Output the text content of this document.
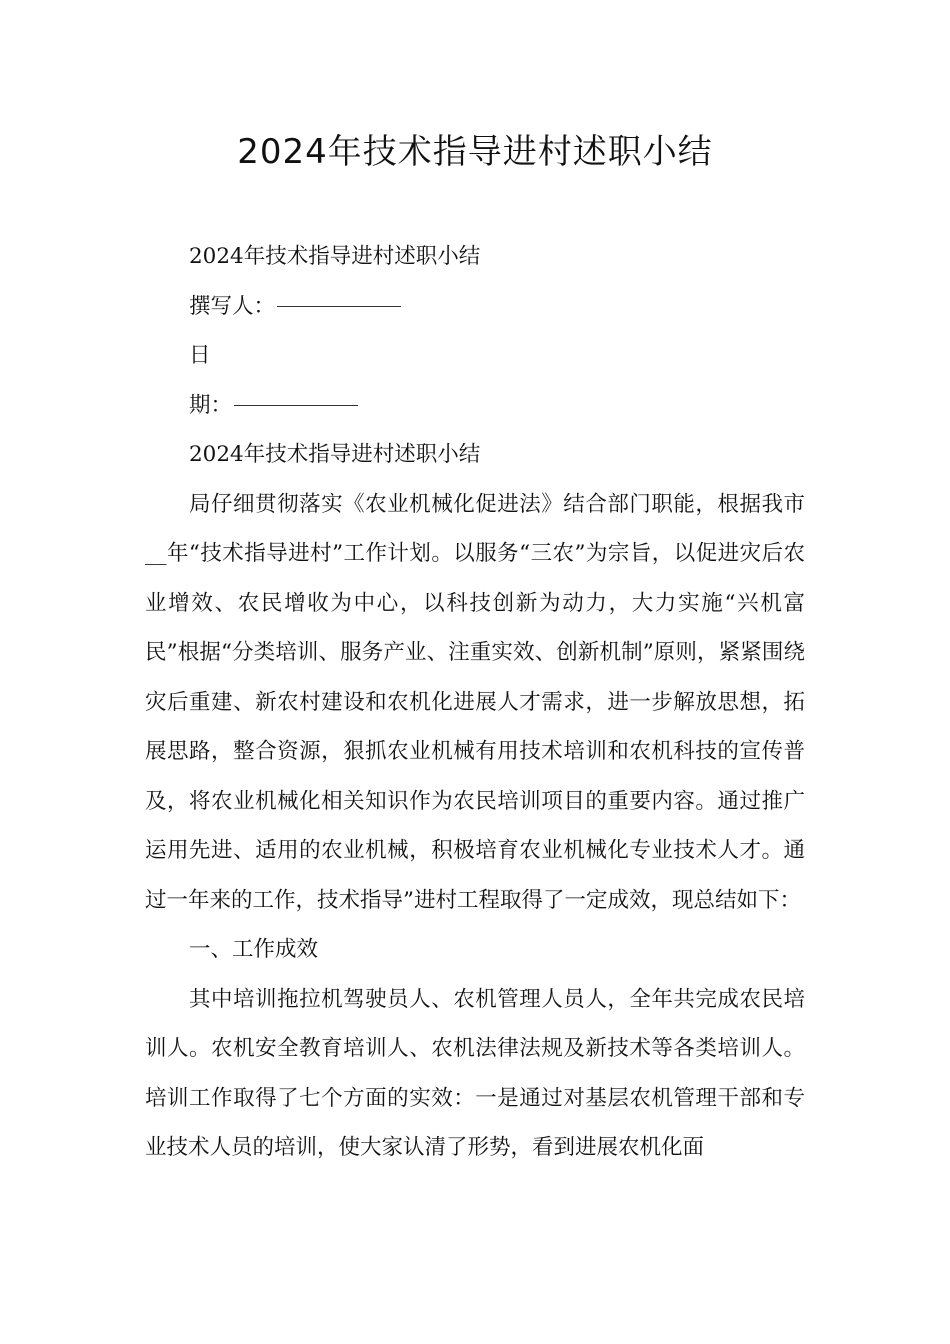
2024年技术指导进村述职小结

2024年技术指导进村述职小结

撰写人：

日

期：

2024年技术指导进村述职小结

局仔细贯彻落实《农业机械化促进法》结合部门职能，根据我市__年“技术指导进村”工作计划。以服务“三农”为宗旨，以促进灾后农业增效、农民增收为中心，以科技创新为动力，大力实施“兴机富民”根据“分类培训、服务产业、注重实效、创新机制”原则，紧紧围绕灾后重建、新农村建设和农机化进展人才需求，进一步解放思想，拓展思路，整合资源，狠抓农业机械有用技术培训和农机科技的宣传普及，将农业机械化相关知识作为农民培训项目的重要内容。通过推广运用先进、适用的农业机械，积极培育农业机械化专业技术人才。通过一年来的工作，技术指导”进村工程取得了一定成效，现总结如下：

一、工作成效

其中培训拖拉机驾驶员人、农机管理人员人，全年共完成农民培训人。农机安全教育培训人、农机法律法规及新技术等各类培训人。培训工作取得了七个方面的实效：一是通过对基层农机管理干部和专业技术人员的培训，使大家认清了形势，看到进展农机化面
